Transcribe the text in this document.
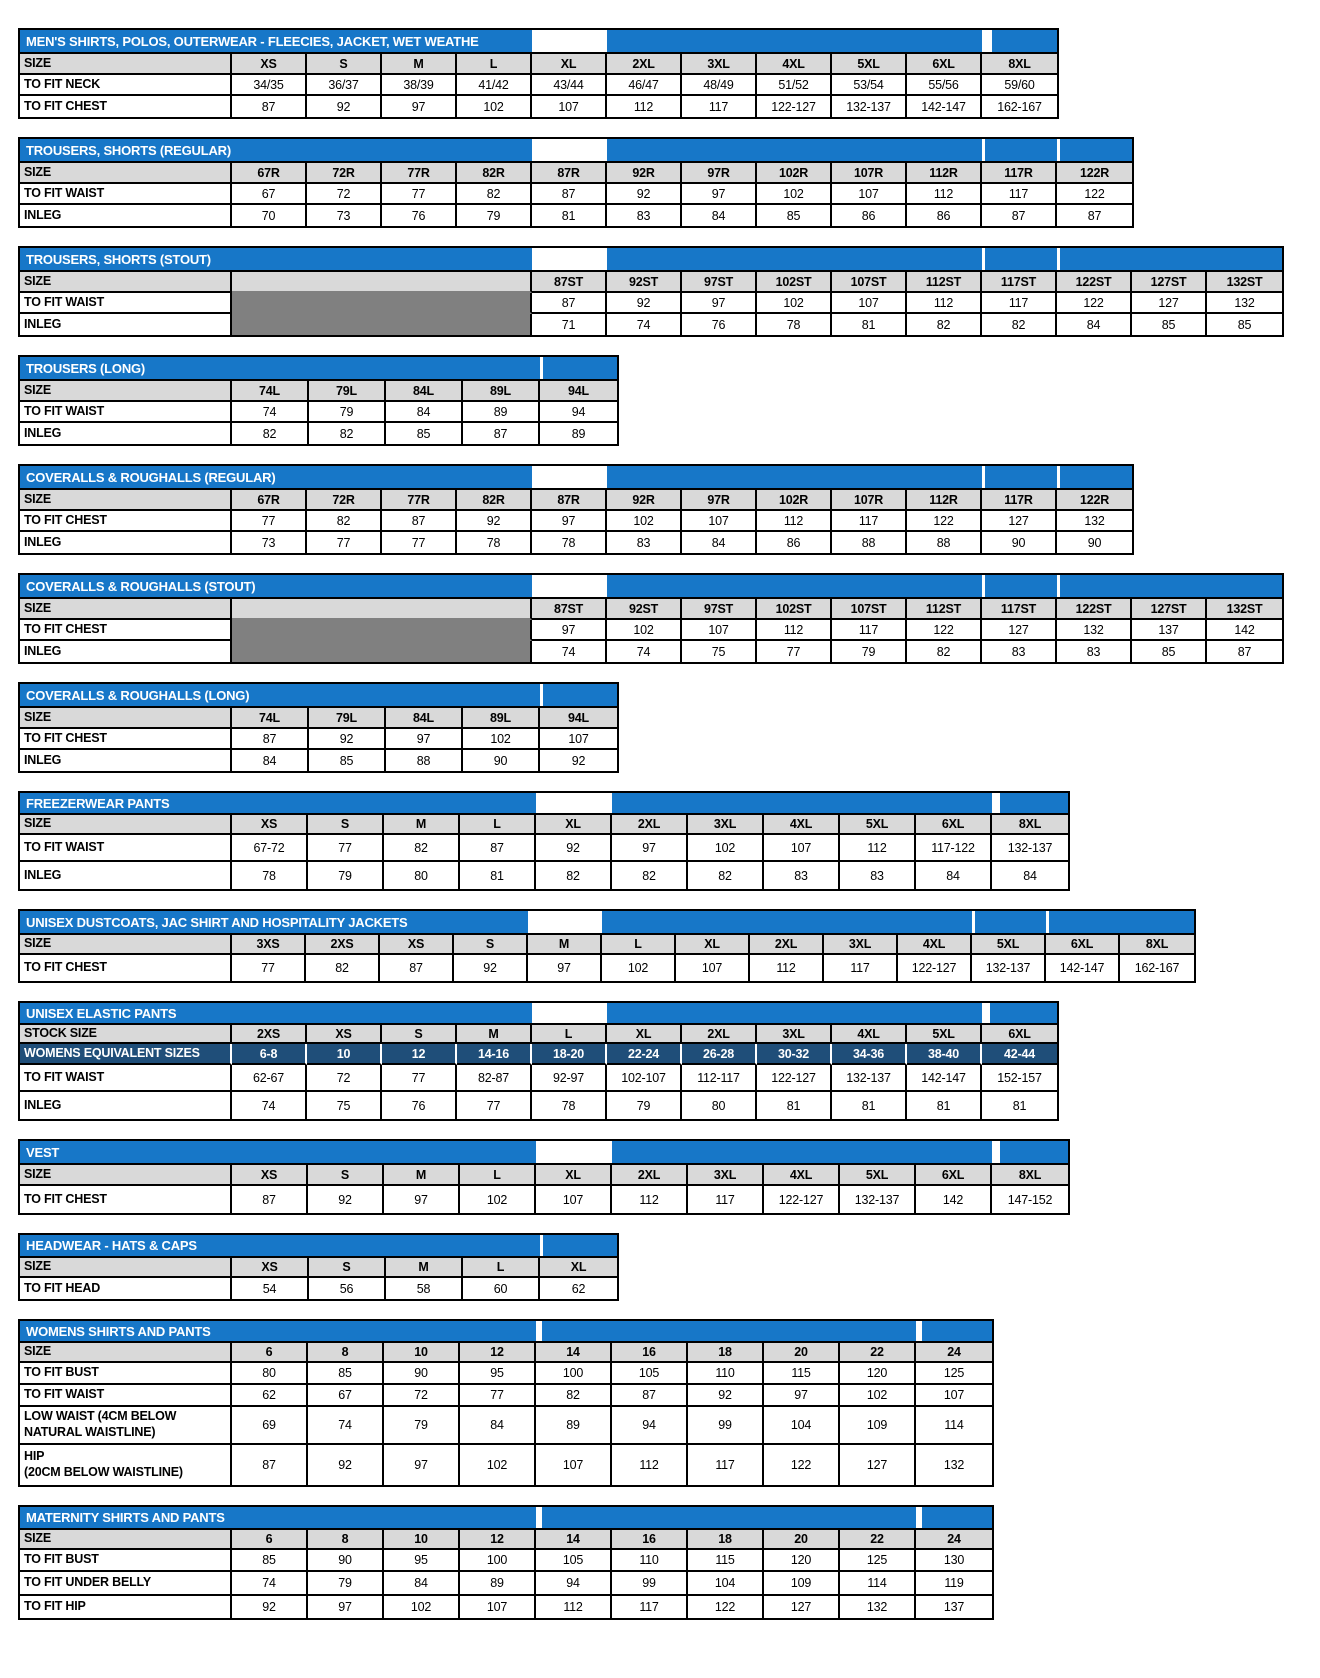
MEN'S SHIRTS, POLOS, OUTERWEAR - FLEECIES, JACKET, WET WEATHE
SIZE	XS	S	M	L	XL	2XL	3XL	4XL	5XL	6XL	8XL
TO FIT NECK	34/35	36/37	38/39	41/42	43/44	46/47	48/49	51/52	53/54	55/56	59/60
TO FIT CHEST	87	92	97	102	107	112	117	122-127	132-137	142-147	162-167
TROUSERS, SHORTS (REGULAR)
SIZE	67R	72R	77R	82R	87R	92R	97R	102R	107R	112R	117R	122R
TO FIT WAIST	67	72	77	82	87	92	97	102	107	112	117	122
INLEG	70	73	76	79	81	83	84	85	86	86	87	87
TROUSERS, SHORTS (STOUT)
SIZE	87ST	92ST	97ST	102ST	107ST	112ST	117ST	122ST	127ST	132ST
TO FIT WAIST	87	92	97	102	107	112	117	122	127	132
INLEG	71	74	76	78	81	82	82	84	85	85
TROUSERS (LONG)
SIZE	74L	79L	84L	89L	94L
TO FIT WAIST	74	79	84	89	94
INLEG	82	82	85	87	89
COVERALLS & ROUGHALLS (REGULAR)
SIZE	67R	72R	77R	82R	87R	92R	97R	102R	107R	112R	117R	122R
TO FIT CHEST	77	82	87	92	97	102	107	112	117	122	127	132
INLEG	73	77	77	78	78	83	84	86	88	88	90	90
COVERALLS & ROUGHALLS (STOUT)
SIZE	87ST	92ST	97ST	102ST	107ST	112ST	117ST	122ST	127ST	132ST
TO FIT CHEST	97	102	107	112	117	122	127	132	137	142
INLEG	74	74	75	77	79	82	83	83	85	87
COVERALLS & ROUGHALLS (LONG)
SIZE	74L	79L	84L	89L	94L
TO FIT CHEST	87	92	97	102	107
INLEG	84	85	88	90	92
FREEZERWEAR PANTS
SIZE	XS	S	M	L	XL	2XL	3XL	4XL	5XL	6XL	8XL
TO FIT WAIST	67-72	77	82	87	92	97	102	107	112	117-122	132-137
INLEG	78	79	80	81	82	82	82	83	83	84	84
UNISEX DUSTCOATS, JAC SHIRT AND HOSPITALITY JACKETS
SIZE	3XS	2XS	XS	S	M	L	XL	2XL	3XL	4XL	5XL	6XL	8XL
TO FIT CHEST	77	82	87	92	97	102	107	112	117	122-127	132-137	142-147	162-167
UNISEX ELASTIC PANTS
STOCK SIZE	2XS	XS	S	M	L	XL	2XL	3XL	4XL	5XL	6XL
WOMENS EQUIVALENT SIZES	6-8	10	12	14-16	18-20	22-24	26-28	30-32	34-36	38-40	42-44
TO FIT WAIST	62-67	72	77	82-87	92-97	102-107	112-117	122-127	132-137	142-147	152-157
INLEG	74	75	76	77	78	79	80	81	81	81	81
VEST
SIZE	XS	S	M	L	XL	2XL	3XL	4XL	5XL	6XL	8XL
TO FIT CHEST	87	92	97	102	107	112	117	122-127	132-137	142	147-152
HEADWEAR - HATS & CAPS
SIZE	XS	S	M	L	XL
TO FIT HEAD	54	56	58	60	62
WOMENS SHIRTS AND PANTS
SIZE	6	8	10	12	14	16	18	20	22	24
TO FIT BUST	80	85	90	95	100	105	110	115	120	125
TO FIT WAIST	62	67	72	77	82	87	92	97	102	107
LOW WAIST (4CM BELOW
NATURAL WAISTLINE)	69	74	79	84	89	94	99	104	109	114
HIP
(20CM BELOW WAISTLINE)	87	92	97	102	107	112	117	122	127	132
MATERNITY SHIRTS AND PANTS
SIZE	6	8	10	12	14	16	18	20	22	24
TO FIT BUST	85	90	95	100	105	110	115	120	125	130
TO FIT UNDER BELLY	74	79	84	89	94	99	104	109	114	119
TO FIT HIP	92	97	102	107	112	117	122	127	132	137
